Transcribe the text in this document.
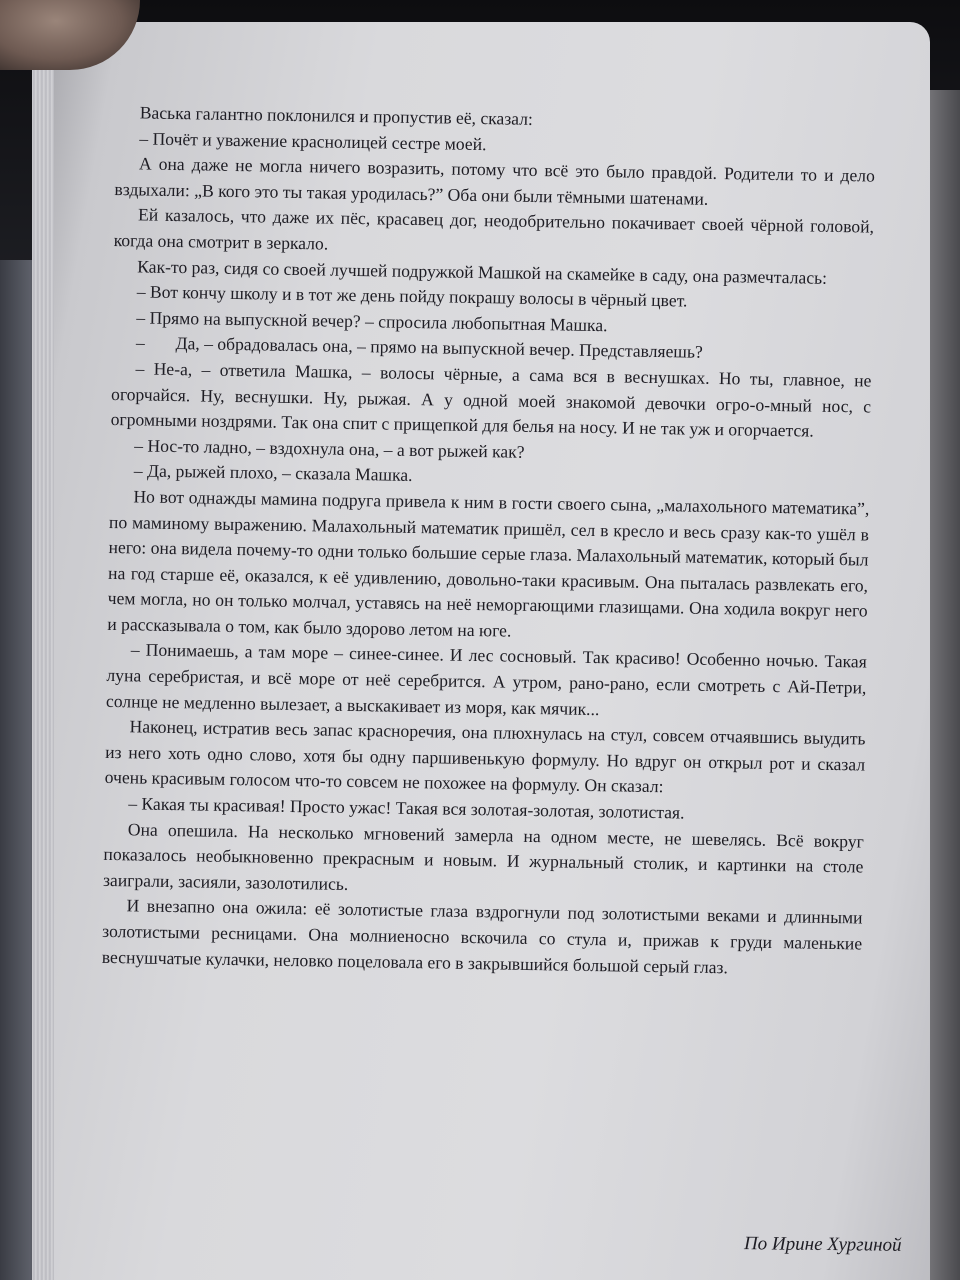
Васька галантно поклонился и пропустив её, сказал:

– Почёт и уважение краснолицей сестре моей.

А она даже не могла ничего возразить, потому что всё это было правдой. Родители то и дело вздыхали: „В кого это ты такая уродилась?” Оба они были тёмными шатенами.

Ей казалось, что даже их пёс, красавец дог, неодобрительно покачивает своей чёрной головой, когда она смотрит в зеркало.

Как-то раз, сидя со своей лучшей подружкой Машкой на скамейке в саду, она размечталась:

– Вот кончу школу и в тот же день пойду покрашу волосы в чёрный цвет.

– Прямо на выпускной вечер? – спросила любопытная Машка.

–       Да, – обрадовалась она, – прямо на выпускной вечер. Представляешь?

– Не-а, – ответила Машка, – волосы чёрные, а сама вся в веснушках. Но ты, главное, не огорчайся. Ну, веснушки. Ну, рыжая. А у одной моей знакомой девочки огро-о-мный нос, с огромными ноздрями. Так она спит с прищепкой для белья на носу. И не так уж и огорчается.

– Нос-то ладно, – вздохнула она, – а вот рыжей как?

– Да, рыжей плохо, – сказала Машка.

Но вот однажды мамина подруга привела к ним в гости своего сына, „малахольного математика”, по маминому выражению. Малахольный математик пришёл, сел в кресло и весь сразу как-то ушёл в него: она видела почему-то одни только большие серые глаза. Малахольный математик, который был на год старше её, оказался, к её удивлению, довольно-таки красивым. Она пыталась развлекать его, чем могла, но он только молчал, уставясь на неё неморгающими глазищами. Она ходила вокруг него и рассказывала о том, как было здорово летом на юге.

– Понимаешь, а там море – синее-синее. И лес сосновый. Так красиво! Особенно ночью. Такая луна серебристая, и всё море от неё серебрится. А утром, рано-рано, если смотреть с Ай-Петри, солнце не медленно вылезает, а выскакивает из моря, как мячик...

Наконец, истратив весь запас красноречия, она плюхнулась на стул, совсем отчаявшись выудить из него хоть одно слово, хотя бы одну паршивенькую формулу. Но вдруг он открыл рот и сказал очень красивым голосом что-то совсем не похожее на формулу. Он сказал:

– Какая ты красивая! Просто ужас! Такая вся золотая-золотая, золотистая.

Она опешила. На несколько мгновений замерла на одном месте, не шевелясь. Всё вокруг показалось необыкновенно прекрасным и новым. И журнальный столик, и картинки на столе заиграли, засияли, зазолотились.

И внезапно она ожила: её золотистые глаза вздрогнули под золотистыми веками и длинными золотистыми ресницами. Она молниеносно вскочила со стула и, прижав к груди маленькие веснушчатые кулачки, неловко поцеловала его в закрывшийся большой серый глаз.

По Ирине Хургиной
